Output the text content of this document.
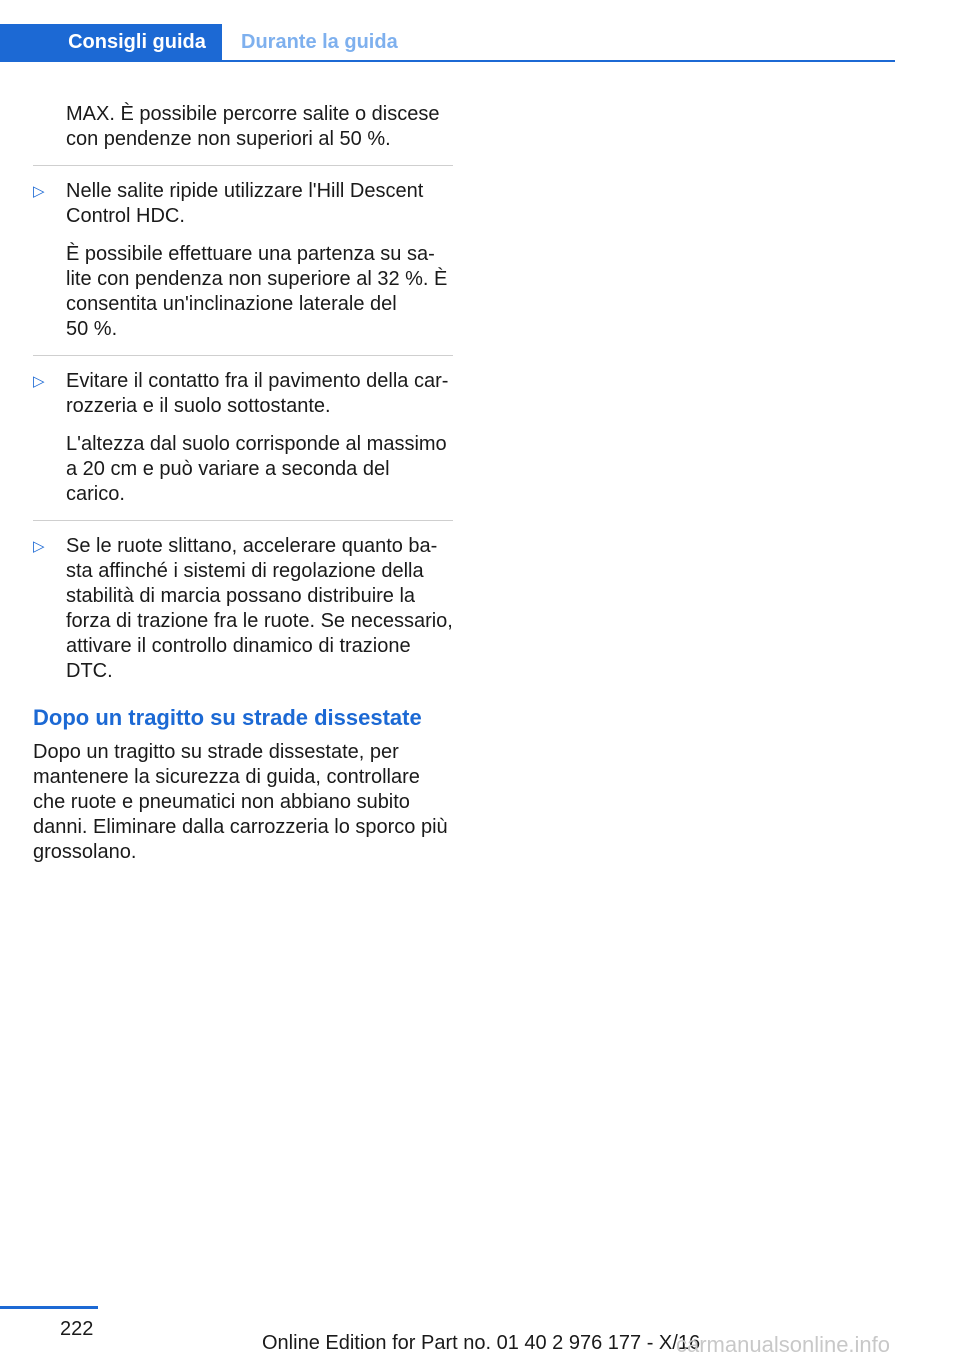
Consigli guida	Durante la guida

MAX. È possibile percorre salite o discese
con pendenze non superiori al 50 %.

▷ Nelle salite ripide utilizzare l'Hill Descent
Control HDC.

È possibile effettuare una partenza su sa-
lite con pendenza non superiore al 32 %. È
consentita un'inclinazione laterale del
50 %.

▷ Evitare il contatto fra il pavimento della car-
rozzeria e il suolo sottostante.

L'altezza dal suolo corrisponde al massimo
a 20 cm e può variare a seconda del carico.

▷ Se le ruote slittano, accelerare quanto ba-
sta affinché i sistemi di regolazione della
stabilità di marcia possano distribuire la
forza di trazione fra le ruote. Se necessario,
attivare il controllo dinamico di trazione
DTC.

Dopo un tragitto su strade dissestate

Dopo un tragitto su strade dissestate, per
mantenere la sicurezza di guida, controllare
che ruote e pneumatici non abbiano subito
danni. Eliminare dalla carrozzeria lo sporco più
grossolano.

222
Online Edition for Part no. 01 40 2 976 177 - X/16
carmanualsonline.info
